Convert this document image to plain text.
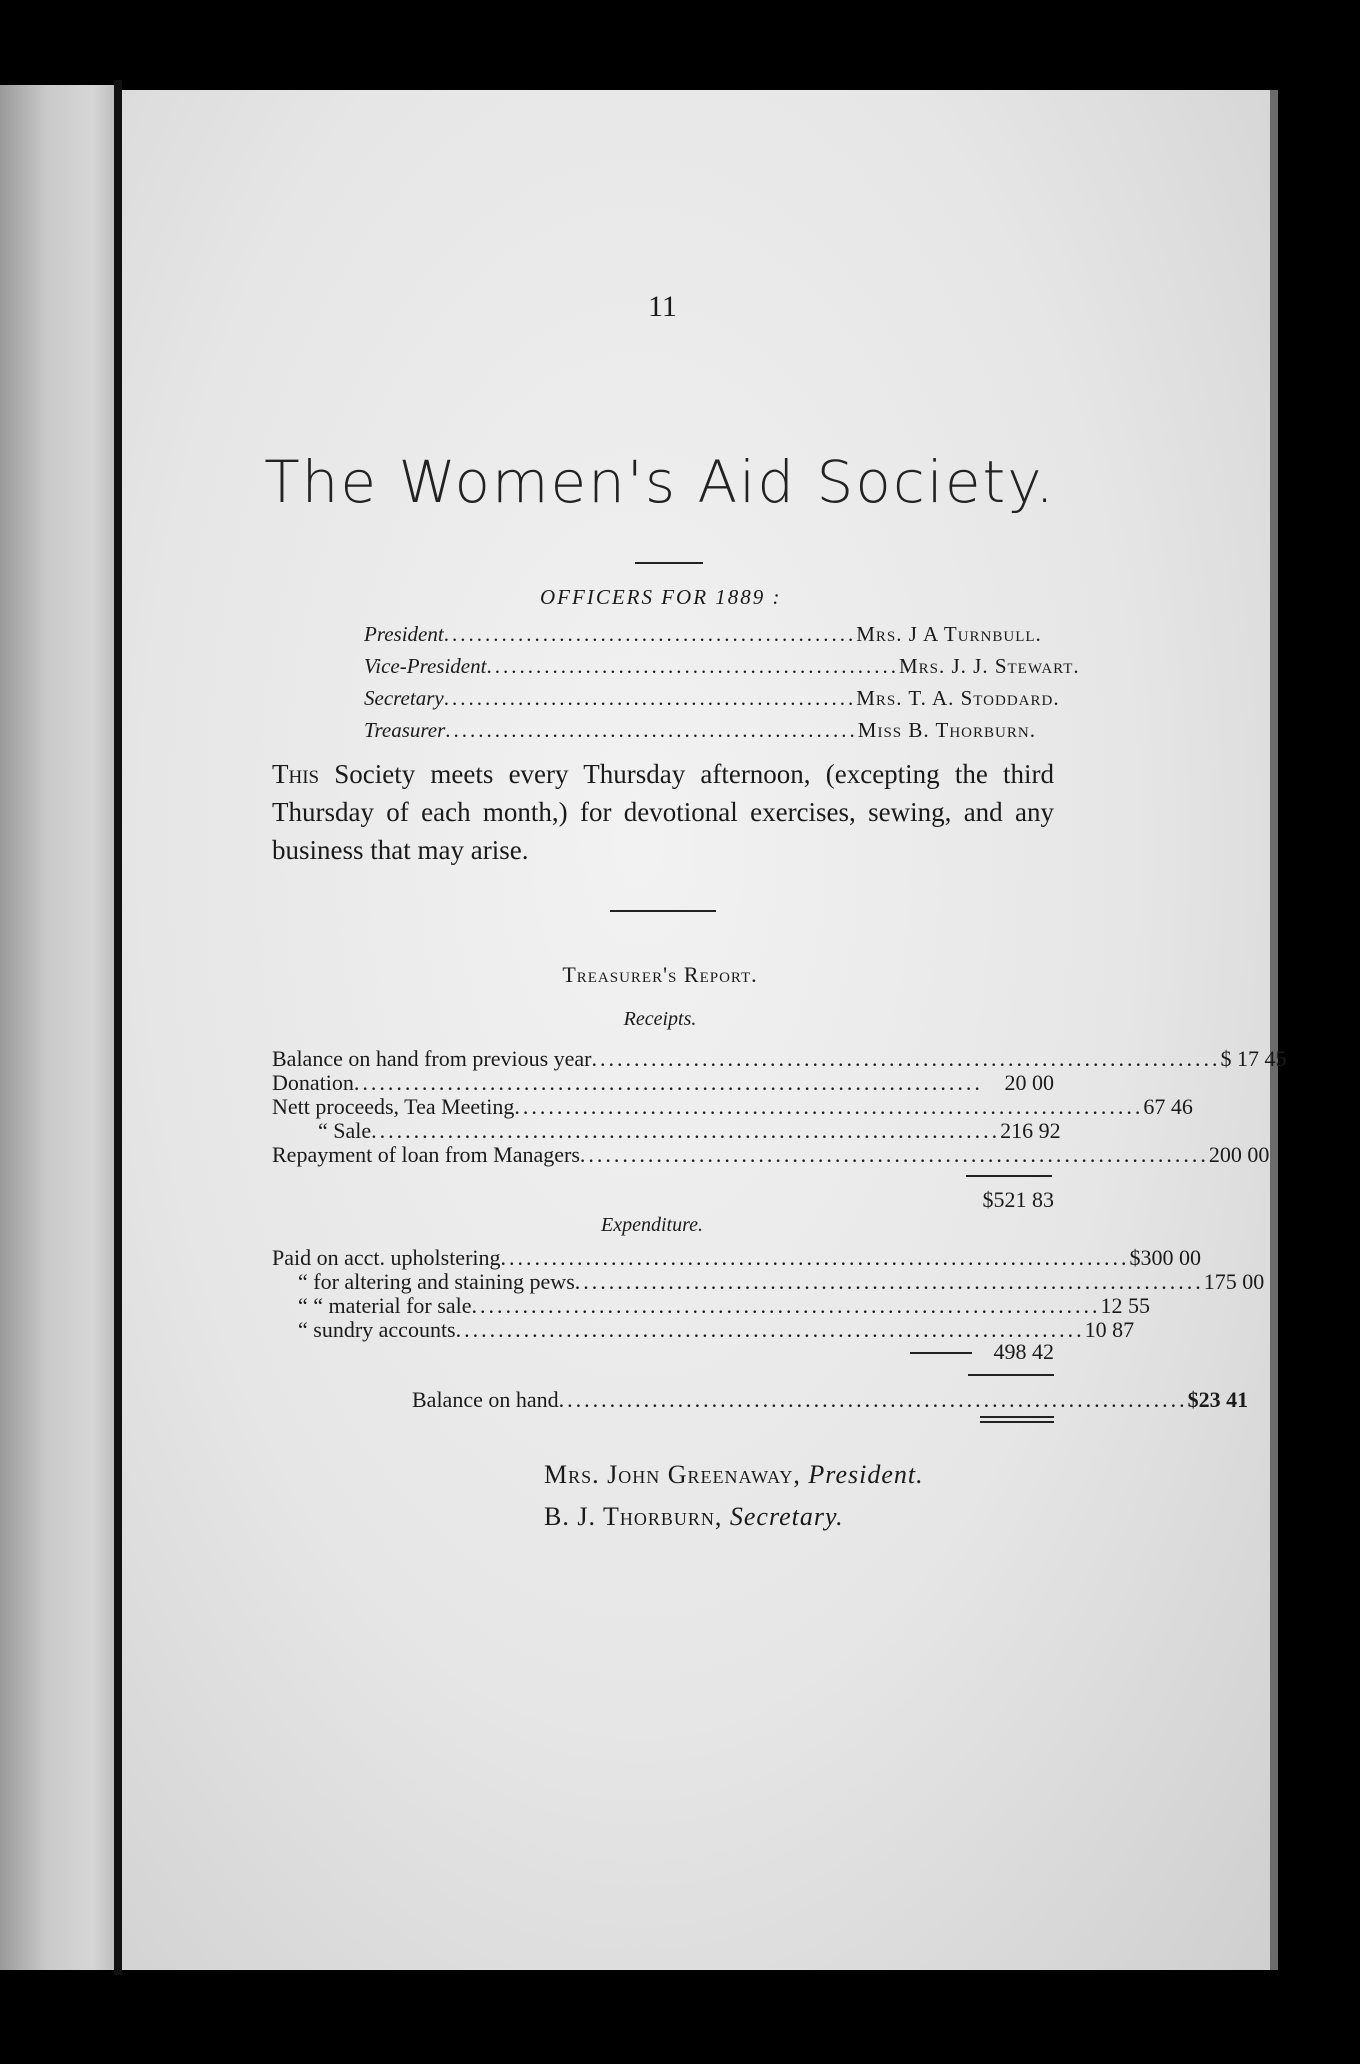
11
The Women's Aid Society.
OFFICERS FOR 1889 :
President .................................................. Mrs. J A Turnbull.
Vice-President .................................................. Mrs. J. J. Stewart.
Secretary .................................................. Mrs. T. A. Stoddard.
Treasurer .................................................. Miss B. Thorburn.
This Society meets every Thursday afternoon, (excepting the third Thursday of each month,) for devotional exercises, sewing, and any business that may arise.
Treasurer's Report.
Receipts.
Balance on hand from previous year .......................................................................... $ 17 45
Donation .......................................................................... 20 00
Nett proceeds, Tea Meeting .......................................................................... 67 46
“ Sale .......................................................................... 216 92
Repayment of loan from Managers .......................................................................... 200 00
$521 83
Expenditure.
Paid on acct. upholstering .......................................................................... $300 00
“ for altering and staining pews .......................................................................... 175 00
“ “ material for sale .......................................................................... 12 55
“ sundry accounts .......................................................................... 10 87
498 42
Balance on hand .......................................................................... $23 41
Mrs. John Greenaway, President.
B. J. Thorburn, Secretary.
